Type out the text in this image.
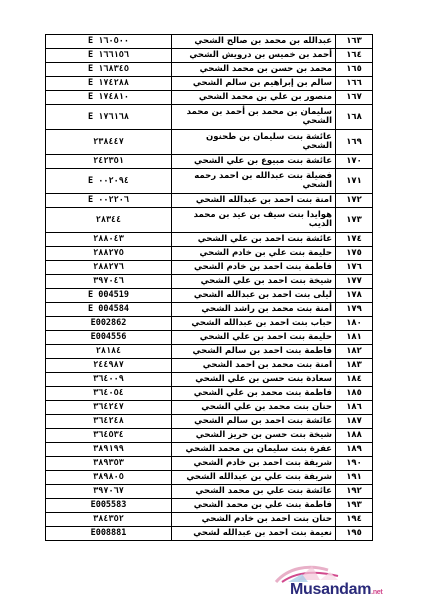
E ١٦٠٥٠٠	عبدالله بن محمد بن صالح الشحي	١٦٣
E ١٦٦١٥٦	أحمد بن خميس بن درويش الشحي	١٦٤
E ١٦٨٣٤٥	محمد بن حسن بن محمد الشحي	١٦٥
E ١٧٤٢٨٨	سالم بن إبراهيم بن سالم الشحي	١٦٦
E ١٧٤٨١٠	منصور بن علي بن محمد الشحي	١٦٧
E ١٧٦١٦٨	سليمان بن محمد بن أحمد بن محمد الشحي	١٦٨
٢٣٨٤٤٧	عائشة بنت سليمان بن طحنون الشحي	١٦٩
٢٤٢٣٥١	عائشة بنت مبيوع بن علي الشحي	١٧٠
E ٠٠٢٠٩٤	فضيلة بنت عبدالله بن احمد رحمه الشحي	١٧١
E ٠٠٢٢٠٦	امنة بنت احمد بن عبدالله الشحي	١٧٢
٢٨٣٤٤	هوايدا بنت سيف بن عيد بن محمد الديب	١٧٣
٢٨٨٠٤٣	عائشة بنت احمد بن علي الشحي	١٧٤
٢٨٨٢٧٥	حليمة بنت علي بن خادم الشحي	١٧٥
٢٨٨٢٧٦	فاطمة بنت احمد بن خادم الشحي	١٧٦
٣٩٧٠٤٦	شيخة بنت احمد بن علي الشحي	١٧٧
E 004519	ليلى بنت احمد بن عبدالله الشحي	١٧٨
E 004584	أمنة بنت محمد بن راشد الشحي	١٧٩
E002862	حباب بنت احمد بن عبدالله الشحي	١٨٠
E004556	حليمة بنت احمد بن علي الشحي	١٨١
٢٨١٨٤	فاطمة بنت احمد بن سالم الشحي	١٨٢
٢٤٤٩٨٧	امنة بنت محمد بن احمد الشحي	١٨٣
٣٦٤٠٠٩	سعادة بنت حسن بن علي الشحي	١٨٤
٣٦٤٠٥٤	فاطمة بنت محمد بن علي الشحي	١٨٥
٣٦٤٢٤٧	حنان بنت محمد بن علي الشحي	١٨٦
٣٦٤٢٤٨	عائشة بنت احمد بن سالم الشحي	١٨٧
٣٦٤٥٣٤	شيخة بنت حسن بن حريز الشحي	١٨٨
٣٨٩١٩٩	عفرة بنت سليمان بن محمد الشحي	١٨٩
٣٨٩٣٥٣	شريفة بنت احمد بن خادم الشحي	١٩٠
٣٨٩٨٠٥	شريفة بنت علي بن عبدالله الشحي	١٩١
٣٩٧٠٦٧	عائشة بنت علي بن محمد الشحي	١٩٢
E005583	فاطمة بنت علي بن محمد الشحي	١٩٣
٣٨٤٣٥٢	حنان بنت احمد بن خادم الشحي	١٩٤
E008881	نعيمة بنت احمد بن عبدالله لشحي	١٩٥
Musandam.net
